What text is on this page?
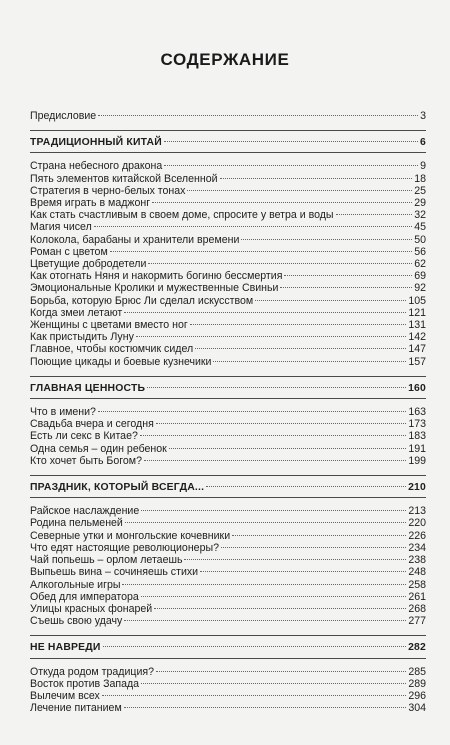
СОДЕРЖАНИЕ
Предисловие	3
ТРАДИЦИОННЫЙ КИТАЙ	6
Страна небесного дракона	9
Пять элементов китайской Вселенной	18
Стратегия в черно-белых тонах	25
Время играть в маджонг	29
Как стать счастливым в своем доме, спросите у ветра и воды	32
Магия чисел	45
Колокола, барабаны и хранители времени	50
Роман с цветом	56
Цветущие добродетели	62
Как отогнать Няня и накормить богиню бессмертия	69
Эмоциональные Кролики и мужественные Свиньи	92
Борьба, которую Брюс Ли сделал искусством	105
Когда змеи летают	121
Женщины с цветами вместо ног	131
Как пристыдить Луну	142
Главное, чтобы костюмчик сидел	147
Поющие цикады и боевые кузнечики	157
ГЛАВНАЯ ЦЕННОСТЬ	160
Что в имени?	163
Свадьба вчера и сегодня	173
Есть ли секс в Китае?	183
Одна семья – один ребенок	191
Кто хочет быть Богом?	199
ПРАЗДНИК, КОТОРЫЙ ВСЕГДА...	210
Райское наслаждение	213
Родина пельменей	220
Северные утки и монгольские кочевники	226
Что едят настоящие революционеры?	234
Чай попьешь – орлом летаешь	238
Выпьешь вина – сочиняешь стихи	248
Алкогольные игры	258
Обед для императора	261
Улицы красных фонарей	268
Съешь свою удачу	277
НЕ НАВРЕДИ	282
Откуда родом традиция?	285
Восток против Запада	289
Вылечим всех	296
Лечение питанием	304
